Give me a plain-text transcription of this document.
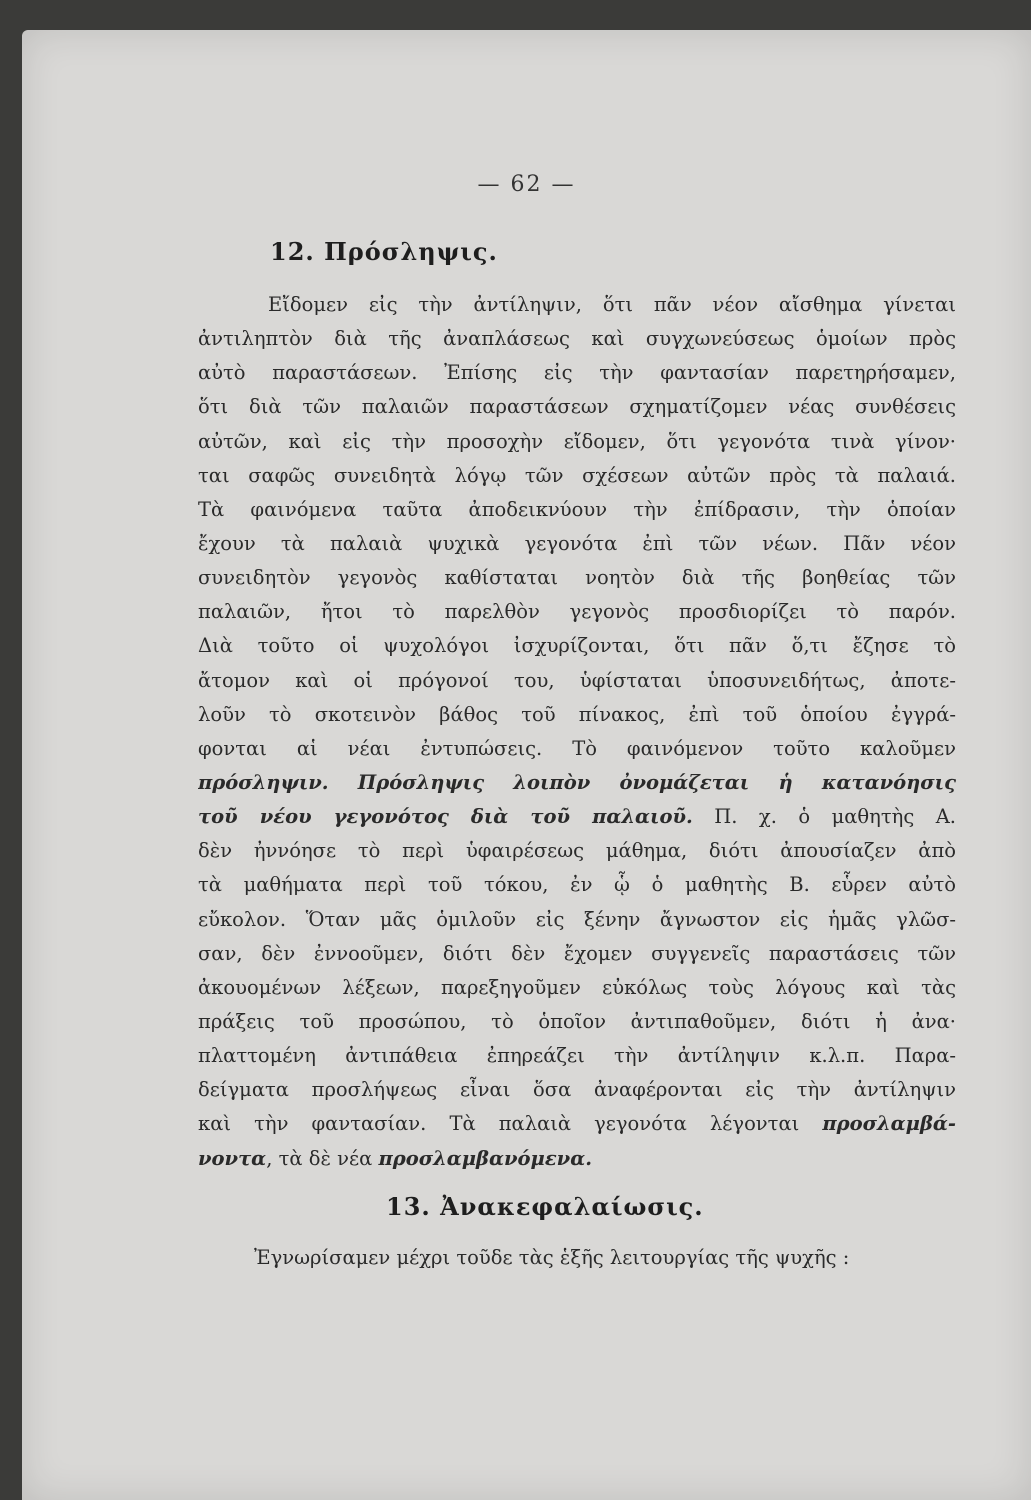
— 62 —
12. Πρόσληψις.
Εἴδομεν εἰς τὴν ἀντίληψιν, ὅτι πᾶν νέον αἴσθημα γίνεται
ἀντιληπτὸν διὰ τῆς ἀναπλάσεως καὶ συγχωνεύσεως ὁμοίων πρὸς
αὐτὸ παραστάσεων. Ἐπίσης εἰς τὴν φαντασίαν παρετηρήσαμεν,
ὅτι διὰ τῶν παλαιῶν παραστάσεων σχηματίζομεν νέας συνθέσεις
αὐτῶν, καὶ εἰς τὴν προσοχὴν εἴδομεν, ὅτι γεγονότα τινὰ γίνον·
ται σαφῶς συνειδητὰ λόγῳ τῶν σχέσεων αὐτῶν πρὸς τὰ παλαιά.
Τὰ φαινόμενα ταῦτα ἀποδεικνύουν τὴν ἐπίδρασιν, τὴν ὁποίαν
ἔχουν τὰ παλαιὰ ψυχικὰ γεγονότα ἐπὶ τῶν νέων. Πᾶν νέον
συνειδητὸν γεγονὸς καθίσταται νοητὸν διὰ τῆς βοηθείας τῶν
παλαιῶν, ἤτοι τὸ παρελθὸν γεγονὸς προσδιορίζει τὸ παρόν.
Διὰ τοῦτο οἱ ψυχολόγοι ἰσχυρίζονται, ὅτι πᾶν ὅ,τι ἔζησε τὸ
ἄτομον καὶ οἱ πρόγονοί του, ὑφίσταται ὑποσυνειδήτως, ἀποτε-
λοῦν τὸ σκοτεινὸν βάθος τοῦ πίνακος, ἐπὶ τοῦ ὁποίου ἐγγρά-
φονται αἱ νέαι ἐντυπώσεις. Τὸ φαινόμενον τοῦτο καλοῦμεν
πρόσληψιν. Πρόσληψις λοιπὸν ὀνομάζεται ἡ κατανόησις
τοῦ νέου γεγονότος διὰ τοῦ παλαιοῦ. Π. χ. ὁ μαθητὴς Α.
δὲν ἠννόησε τὸ περὶ ὑφαιρέσεως μάθημα, διότι ἀπουσίαζεν ἀπὸ
τὰ μαθήματα περὶ τοῦ τόκου, ἐν ᾧ ὁ μαθητὴς Β. εὗρεν αὐτὸ
εὔκολον. Ὅταν μᾶς ὁμιλοῦν εἰς ξένην ἄγνωστον εἰς ἡμᾶς γλῶσ-
σαν, δὲν ἐννοοῦμεν, διότι δὲν ἔχομεν συγγενεῖς παραστάσεις τῶν
ἀκουομένων λέξεων, παρεξηγοῦμεν εὐκόλως τοὺς λόγους καὶ τὰς
πράξεις τοῦ προσώπου, τὸ ὁποῖον ἀντιπαθοῦμεν, διότι ἡ ἀνα·
πλαττομένη ἀντιπάθεια ἐπηρεάζει τὴν ἀντίληψιν κ.λ.π. Παρα-
δείγματα προσλήψεως εἶναι ὅσα ἀναφέρονται εἰς τὴν ἀντίληψιν
καὶ τὴν φαντασίαν. Τὰ παλαιὰ γεγονότα λέγονται προσλαμβά-
νοντα, τὰ δὲ νέα προσλαμβανόμενα.
13. Ἀνακεφαλαίωσις.
Ἐγνωρίσαμεν μέχρι τοῦδε τὰς ἑξῆς λειτουργίας τῆς ψυχῆς :
